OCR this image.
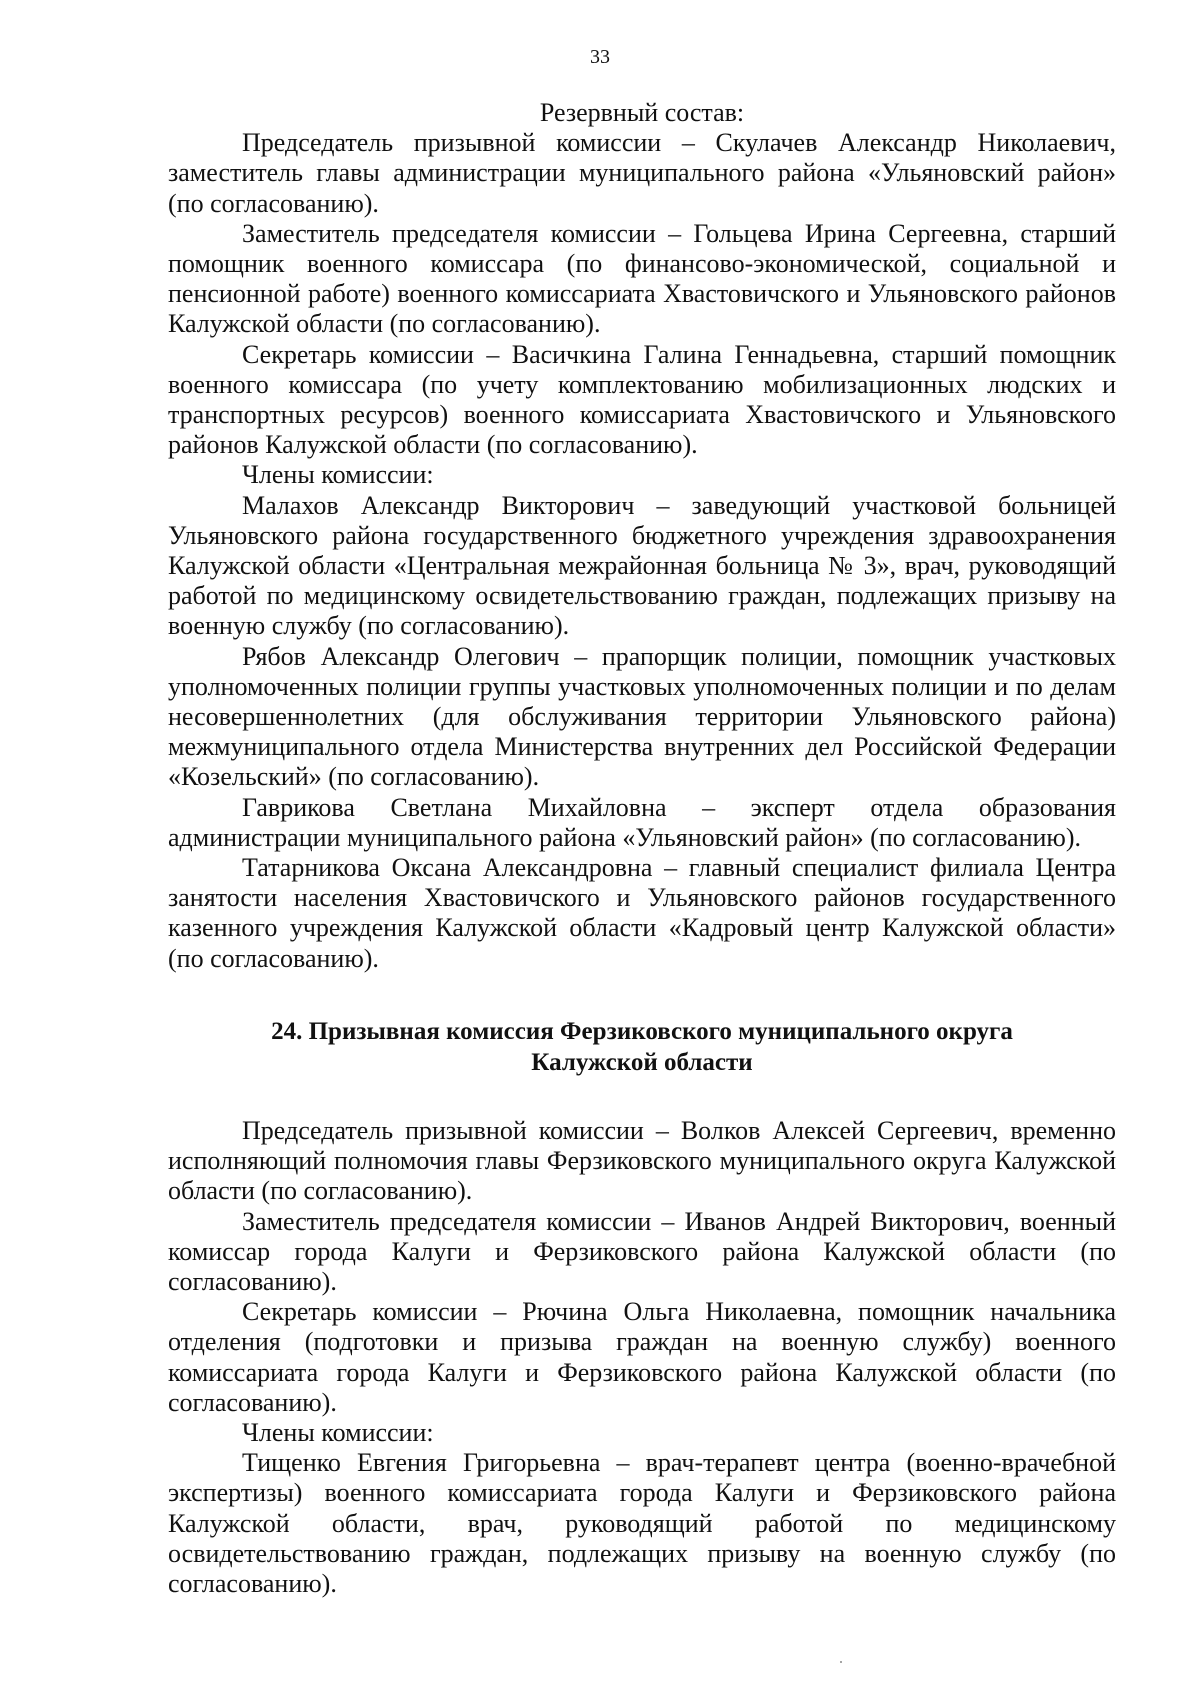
33

Резервный состав:

Председатель призывной комиссии – Скулачев Александр Николаевич, заместитель главы администрации муниципального района «Ульяновский район» (по согласованию).

Заместитель председателя комиссии – Гольцева Ирина Сергеевна, старший помощник военного комиссара (по финансово-экономической, социальной и пенсионной работе) военного комиссариата Хвастовичского и Ульяновского районов Калужской области (по согласованию).

Секретарь комиссии – Васичкина Галина Геннадьевна, старший помощник военного комиссара (по учету комплектованию мобилизационных людских и транспортных ресурсов) военного комиссариата Хвастовичского и Ульяновского районов Калужской области (по согласованию).

Члены комиссии:

Малахов Александр Викторович – заведующий участковой больницей Ульяновского района государственного бюджетного учреждения здравоохранения Калужской области «Центральная межрайонная больница № 3», врач, руководящий работой по медицинскому освидетельствованию граждан, подлежащих призыву на военную службу (по согласованию).

Рябов Александр Олегович – прапорщик полиции, помощник участковых уполномоченных полиции группы участковых уполномоченных полиции и по делам несовершеннолетних (для обслуживания территории Ульяновского района) межмуниципального отдела Министерства внутренних дел Российской Федерации «Козельский» (по согласованию).

Гаврикова Светлана Михайловна – эксперт отдела образования администрации муниципального района «Ульяновский район» (по согласованию).

Татарникова Оксана Александровна – главный специалист филиала Центра занятости населения Хвастовичского и Ульяновского районов государственного казенного учреждения Калужской области «Кадровый центр Калужской области» (по согласованию).

24. Призывная комиссия Ферзиковского муниципального округа
Калужской области

Председатель призывной комиссии – Волков Алексей Сергеевич, временно исполняющий полномочия главы Ферзиковского муниципального округа Калужской области (по согласованию).

Заместитель председателя комиссии – Иванов Андрей Викторович, военный комиссар города Калуги и Ферзиковского района Калужской области (по согласованию).

Секретарь комиссии – Рючина Ольга Николаевна, помощник начальника отделения (подготовки и призыва граждан на военную службу) военного комиссариата города Калуги и Ферзиковского района Калужской области (по согласованию).

Члены комиссии:

Тищенко Евгения Григорьевна – врач-терапевт центра (военно-врачебной экспертизы) военного комиссариата города Калуги и Ферзиковского района Калужской области, врач, руководящий работой по медицинскому освидетельствованию граждан, подлежащих призыву на военную службу (по согласованию).
